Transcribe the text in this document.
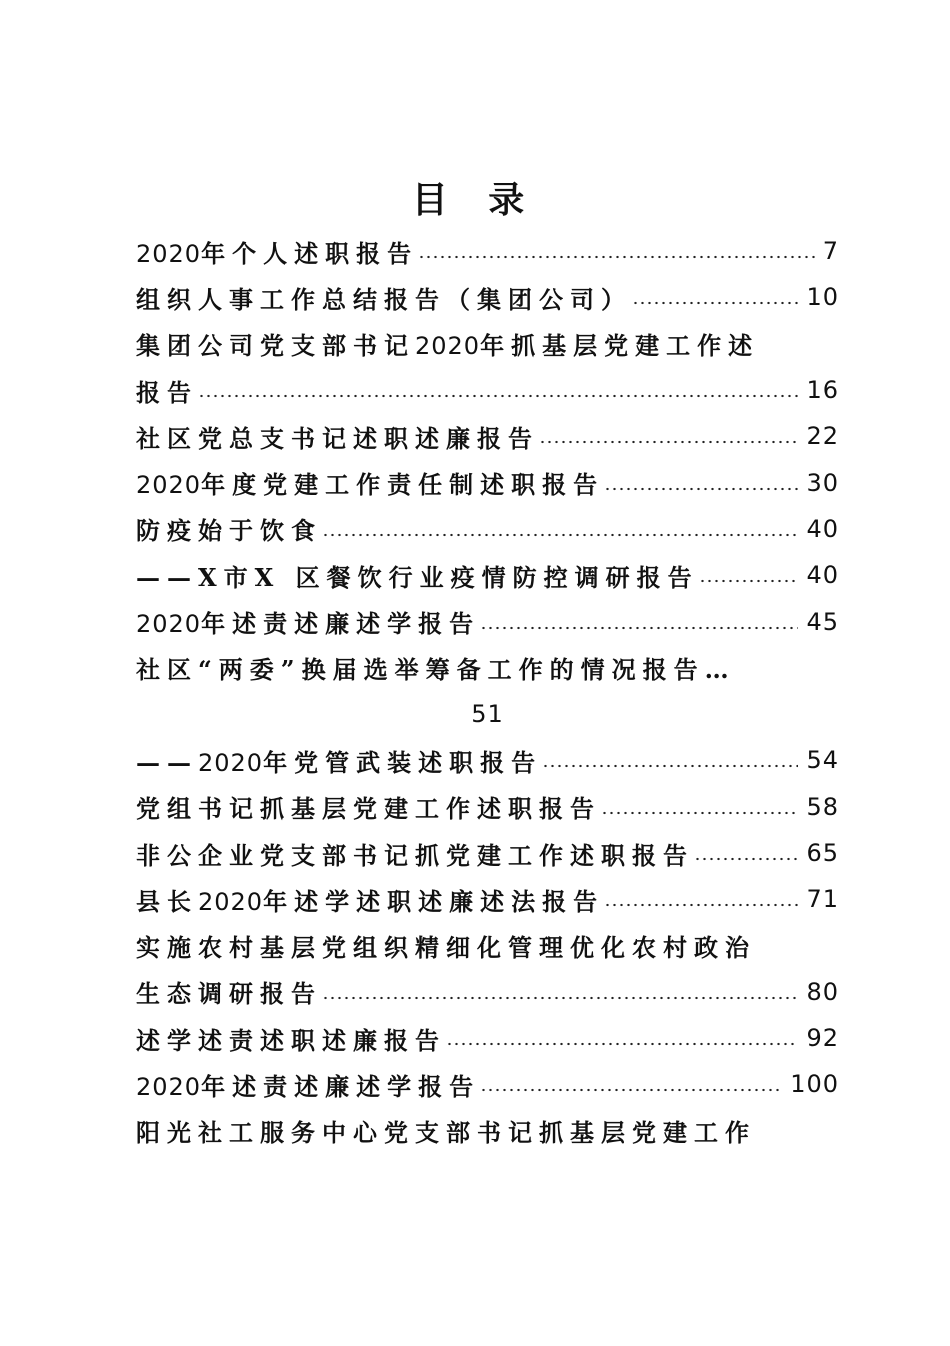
目 录
2020年个人述职报告	7
组织人事工作总结报告（集团公司）	10
集团公司党支部书记2020年抓基层党建工作述
报告	16
社区党总支书记述职述廉报告	22
2020年度党建工作责任制述职报告	30
防疫始于饮食	40
——X市X 区餐饮行业疫情防控调研报告	40
2020年述责述廉述学报告	45
社区“两委”换届选举筹备工作的情况报告…
51
——2020年党管武装述职报告	54
党组书记抓基层党建工作述职报告	58
非公企业党支部书记抓党建工作述职报告	65
县长2020年述学述职述廉述法报告	71
实施农村基层党组织精细化管理优化农村政治
生态调研报告	80
述学述责述职述廉报告	92
2020年述责述廉述学报告	100
阳光社工服务中心党支部书记抓基层党建工作
